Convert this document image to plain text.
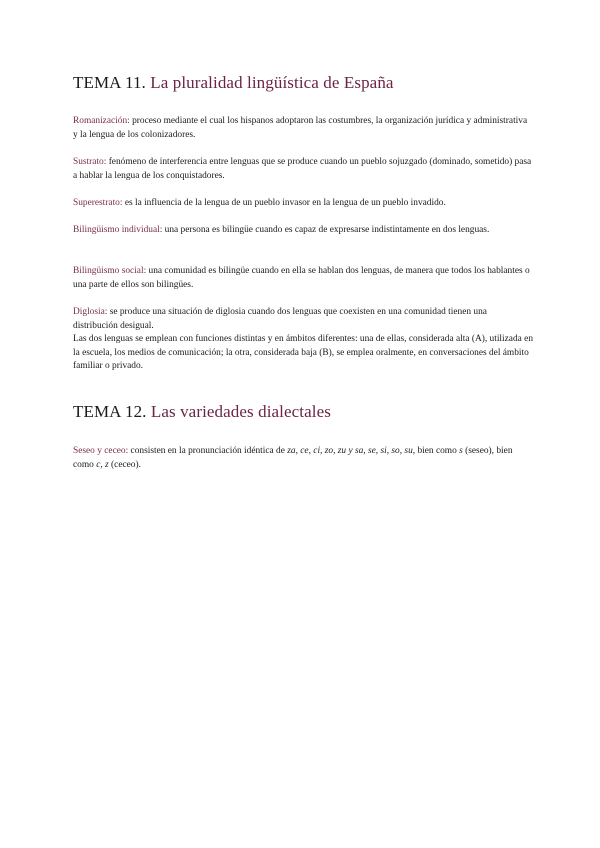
TEMA 11. La pluralidad lingüística de España

Romanización: proceso mediante el cual los hispanos adoptaron las costumbres, la organización jurídica y administrativa y la lengua de los colonizadores.

Sustrato: fenómeno de interferencia entre lenguas que se produce cuando un pueblo sojuzgado (dominado, sometido) pasa a hablar la lengua de los conquistadores.

Superestrato: es la influencia de la lengua de un pueblo invasor en la lengua de un pueblo invadido.

Bilingüismo individual: una persona es bilingüe cuando es capaz de expresarse indistintamente en dos lenguas.

Bilingüismo social: una comunidad es bilingüe cuando en ella se hablan dos lenguas, de manera que todos los hablantes o una parte de ellos son bilingües.

Diglosia: se produce una situación de diglosia cuando dos lenguas que coexisten en una comunidad tienen una distribución desigual.

Las dos lenguas se emplean con funciones distintas y en ámbitos diferentes: una de ellas, considerada alta (A), utilizada en la escuela, los medios de comunicación; la otra, considerada baja (B), se emplea oralmente, en conversaciones del ámbito familiar o privado.

TEMA 12. Las variedades dialectales

Seseo y ceceo: consisten en la pronunciación idéntica de za, ce, ci, zo, zu y sa, se, si, so, su, bien como s (seseo), bien como c, z (ceceo).
